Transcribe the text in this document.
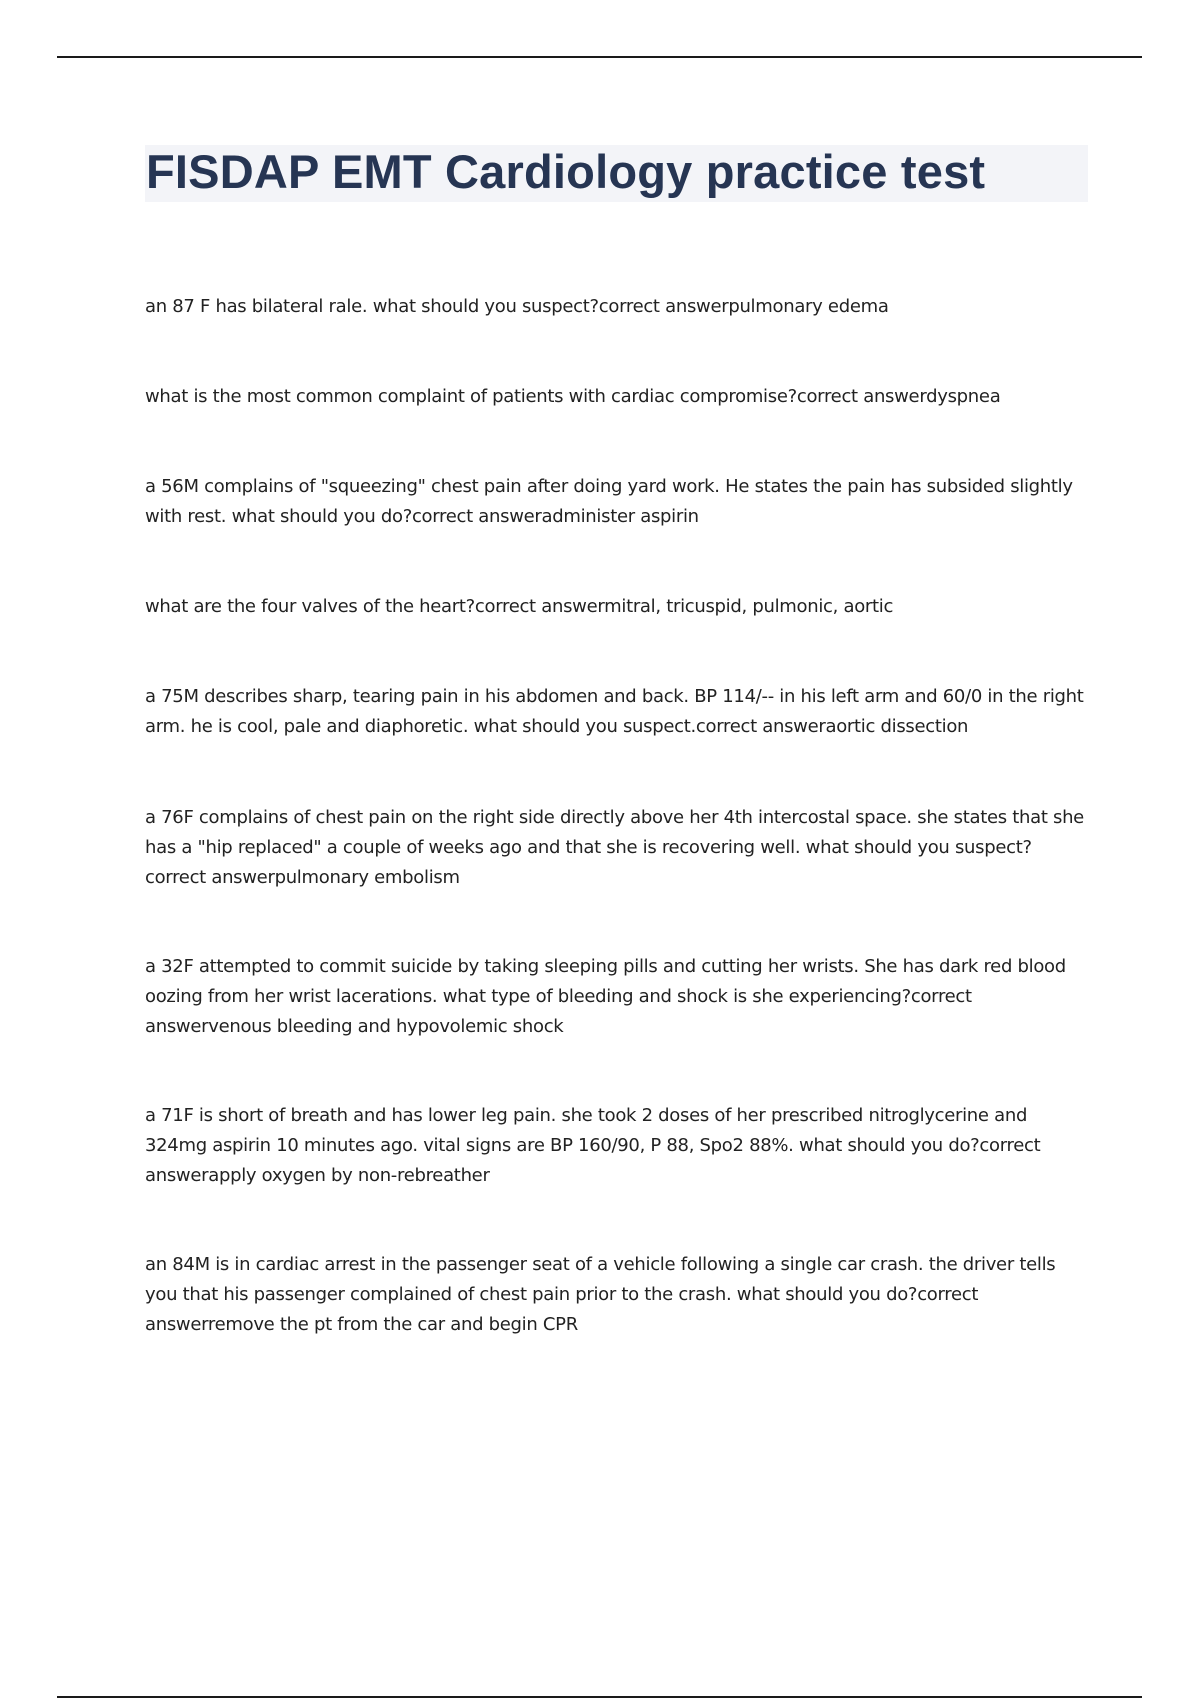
FISDAP EMT Cardiology practice test

an 87 F has bilateral rale. what should you suspect?correct answerpulmonary edema

what is the most common complaint of patients with cardiac compromise?correct answerdyspnea

a 56M complains of "squeezing" chest pain after doing yard work. He states the pain has subsided slightly with rest. what should you do?correct answeradminister aspirin

what are the four valves of the heart?correct answermitral, tricuspid, pulmonic, aortic

a 75M describes sharp, tearing pain in his abdomen and back. BP 114/-- in his left arm and 60/0 in the right arm. he is cool, pale and diaphoretic. what should you suspect.correct answeraortic dissection

a 76F complains of chest pain on the right side directly above her 4th intercostal space. she states that she has a "hip replaced" a couple of weeks ago and that she is recovering well. what should you suspect?correct answerpulmonary embolism

a 32F attempted to commit suicide by taking sleeping pills and cutting her wrists. She has dark red blood oozing from her wrist lacerations. what type of bleeding and shock is she experiencing?correct answervenous bleeding and hypovolemic shock

a 71F is short of breath and has lower leg pain. she took 2 doses of her prescribed nitroglycerine and 324mg aspirin 10 minutes ago. vital signs are BP 160/90, P 88, Spo2 88%. what should you do?correct answerapply oxygen by non-rebreather

an 84M is in cardiac arrest in the passenger seat of a vehicle following a single car crash. the driver tells you that his passenger complained of chest pain prior to the crash. what should you do?correct answerremove the pt from the car and begin CPR
